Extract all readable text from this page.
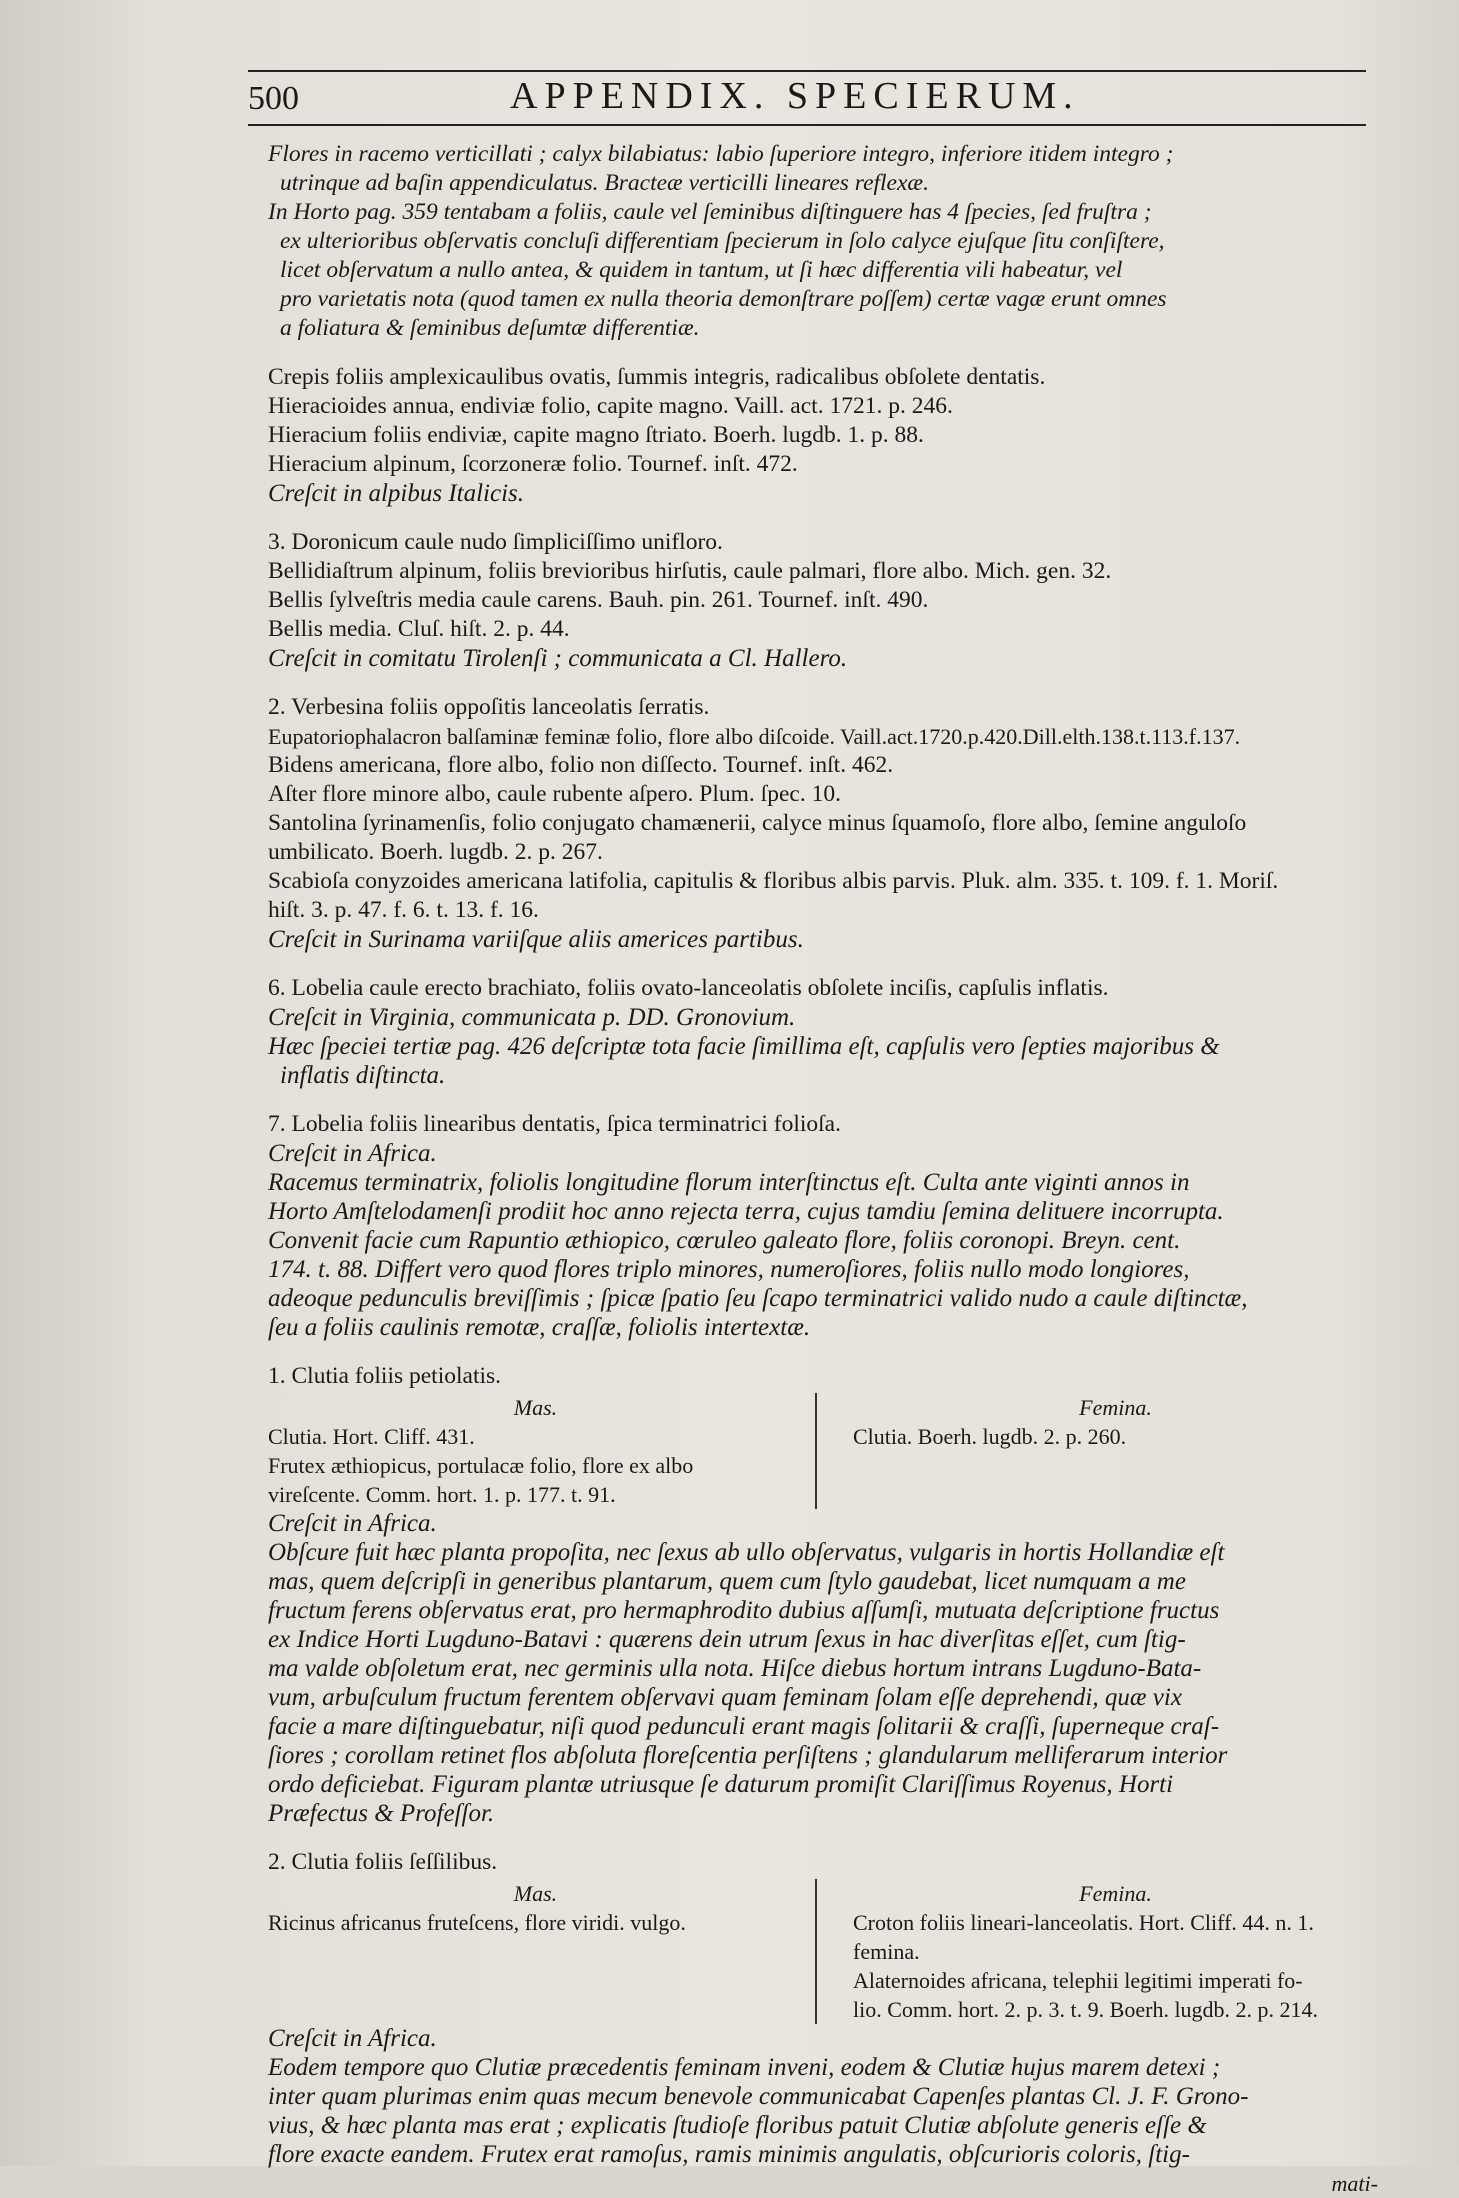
500	APPENDIX. SPECIERUM.

Flores in racemo verticillati ; calyx bilabiatus: labio ſuperiore integro, inferiore itidem integro ;

utrinque ad baſin appendiculatus. Bracteæ verticilli lineares reflexæ.

In Horto pag. 359 tentabam a foliis, caule vel ſeminibus diſtinguere has 4 ſpecies, ſed fruſtra ;

ex ulterioribus obſervatis concluſi differentiam ſpecierum in ſolo calyce ejuſque ſitu conſiſtere,

licet obſervatum a nullo antea, & quidem in tantum, ut ſi hæc differentia vili habeatur, vel

pro varietatis nota (quod tamen ex nulla theoria demonſtrare poſſem) certæ vagæ erunt omnes

a foliatura & ſeminibus deſumtæ differentiæ.

Crepis foliis amplexicaulibus ovatis, ſummis integris, radicalibus obſolete dentatis.

Hieracioides annua, endiviæ folio, capite magno. Vaill. act. 1721. p. 246.

Hieracium foliis endiviæ, capite magno ſtriato. Boerh. lugdb. 1. p. 88.

Hieracium alpinum, ſcorzoneræ folio. Tournef. inſt. 472.

Creſcit in alpibus Italicis.

3. Doronicum caule nudo ſimpliciſſimo unifloro.

Bellidiaſtrum alpinum, foliis brevioribus hirſutis, caule palmari, flore albo. Mich. gen. 32.

Bellis ſylveſtris media caule carens. Bauh. pin. 261. Tournef. inſt. 490.

Bellis media. Cluſ. hiſt. 2. p. 44.

Creſcit in comitatu Tirolenſi ; communicata a Cl. Hallero.

2. Verbesina foliis oppoſitis lanceolatis ſerratis.

Eupatoriophalacron balſaminæ feminæ folio, flore albo diſcoide. Vaill.act.1720.p.420.Dill.elth.138.t.113.f.137.

Bidens americana, flore albo, folio non diſſecto. Tournef. inſt. 462.

Aſter flore minore albo, caule rubente aſpero. Plum. ſpec. 10.

Santolina ſyrinamenſis, folio conjugato chamænerii, calyce minus ſquamoſo, flore albo, ſemine anguloſo

umbilicato. Boerh. lugdb. 2. p. 267.

Scabioſa conyzoides americana latifolia, capitulis & floribus albis parvis. Pluk. alm. 335. t. 109. f. 1. Moriſ.

hiſt. 3. p. 47. f. 6. t. 13. f. 16.

Creſcit in Surinama variiſque aliis americes partibus.

6. Lobelia caule erecto brachiato, foliis ovato-lanceolatis obſolete inciſis, capſulis inflatis.

Creſcit in Virginia, communicata p. DD. Gronovium.

Hæc ſpeciei tertiæ pag. 426 deſcriptæ tota facie ſimillima eſt, capſulis vero ſepties majoribus &

inflatis diſtincta.

7. Lobelia foliis linearibus dentatis, ſpica terminatrici folioſa.

Creſcit in Africa.

Racemus terminatrix, foliolis longitudine florum interſtinctus eſt. Culta ante viginti annos in

Horto Amſtelodamenſi prodiit hoc anno rejecta terra, cujus tamdiu ſemina delituere incorrupta.

Convenit facie cum Rapuntio æthiopico, cœruleo galeato flore, foliis coronopi. Breyn. cent.

174. t. 88. Differt vero quod flores triplo minores, numeroſiores, foliis nullo modo longiores,

adeoque pedunculis breviſſimis ; ſpicæ ſpatio ſeu ſcapo terminatrici valido nudo a caule diſtinctæ,

ſeu a foliis caulinis remotæ, craſſæ, foliolis intertextæ.

1. Clutia foliis petiolatis.

Mas.

Clutia. Hort. Cliff. 431.

Frutex æthiopicus, portulacæ folio, flore ex albo

vireſcente. Comm. hort. 1. p. 177. t. 91.

Femina.

Clutia. Boerh. lugdb. 2. p. 260.

Creſcit in Africa.

Obſcure fuit hæc planta propoſita, nec ſexus ab ullo obſervatus, vulgaris in hortis Hollandiæ eſt

mas, quem deſcripſi in generibus plantarum, quem cum ſtylo gaudebat, licet numquam a me

fructum ferens obſervatus erat, pro hermaphrodito dubius aſſumſi, mutuata deſcriptione fructus

ex Indice Horti Lugduno-Batavi : quærens dein utrum ſexus in hac diverſitas eſſet, cum ſtig-

ma valde obſoletum erat, nec germinis ulla nota. Hiſce diebus hortum intrans Lugduno-Bata-

vum, arbuſculum fructum ferentem obſervavi quam feminam ſolam eſſe deprehendi, quæ vix

facie a mare diſtinguebatur, niſi quod pedunculi erant magis ſolitarii & craſſi, ſuperneque craſ-

ſiores ; corollam retinet flos abſoluta floreſcentia perſiſtens ; glandularum melliferarum interior

ordo deficiebat. Figuram plantæ utriusque ſe daturum promiſit Clariſſimus Royenus, Horti

Præfectus & Profeſſor.

2. Clutia foliis ſeſſilibus.

Mas.

Ricinus africanus fruteſcens, flore viridi. vulgo.

Femina.

Croton foliis lineari-lanceolatis. Hort. Cliff. 44. n. 1.

femina.

Alaternoides africana, telephii legitimi imperati fo-

lio. Comm. hort. 2. p. 3. t. 9. Boerh. lugdb. 2. p. 214.

Creſcit in Africa.

Eodem tempore quo Clutiæ præcedentis feminam inveni, eodem & Clutiæ hujus marem detexi ;

inter quam plurimas enim quas mecum benevole communicabat Capenſes plantas Cl. J. F. Grono-

vius, & hæc planta mas erat ; explicatis ſtudioſe floribus patuit Clutiæ abſolute generis eſſe &

flore exacte eandem. Frutex erat ramoſus, ramis minimis angulatis, obſcurioris coloris, ſtig-

mati-
